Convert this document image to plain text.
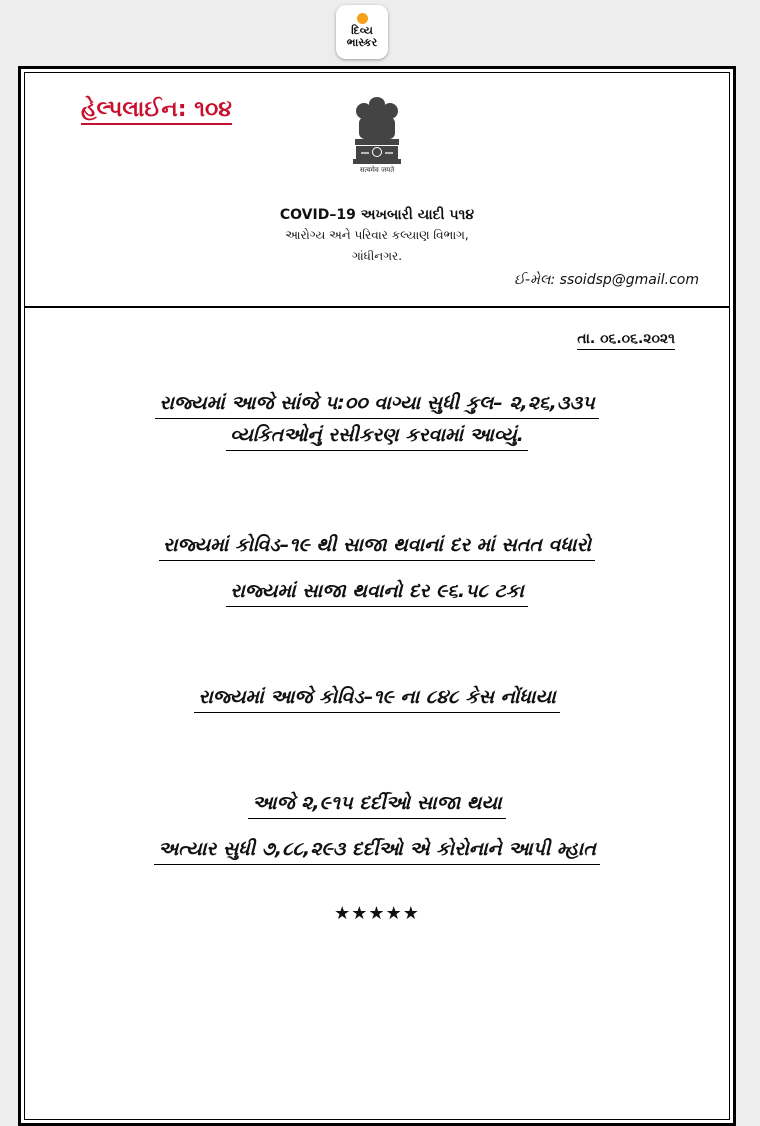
દિવ્ય
ભાસ્કર
હેલ્પલાઈન: ૧૦૪
सत्यमेव जयते

COVID–19 અખબારી યાદી ૫૧૪

આરોગ્ય અને પરિવાર કલ્યાણ વિભાગ,

ગાંધીનગર.

ઈ-મેલ: ssoidsp@gmail.com

તા. ૦૬.૦૬.૨૦૨૧

રાજ્યમાં આજે સાંજે ૫:૦૦ વાગ્યા સુધી કુલ– ૨,૨૬,૩૩૫

વ્યકિતઓનું રસીકરણ કરવામાં આવ્યું.

રાજ્યમાં કોવિડ–૧૯ થી સાજા થવાનાં દર માં સતત વધારો

રાજ્યમાં સાજા થવાનો દર ૯૬.૫૮ ટકા

રાજ્યમાં આજે કોવિડ–૧૯ ના ૮૪૮ કેસ નોંધાયા

આજે ૨,૯૧૫ દર્દીઓ સાજા થયા

અત્યાર સુધી ૭,૮૮,૨૯૩ દર્દીઓ એ કોરોનાને આપી મ્હાત

★★★★★
